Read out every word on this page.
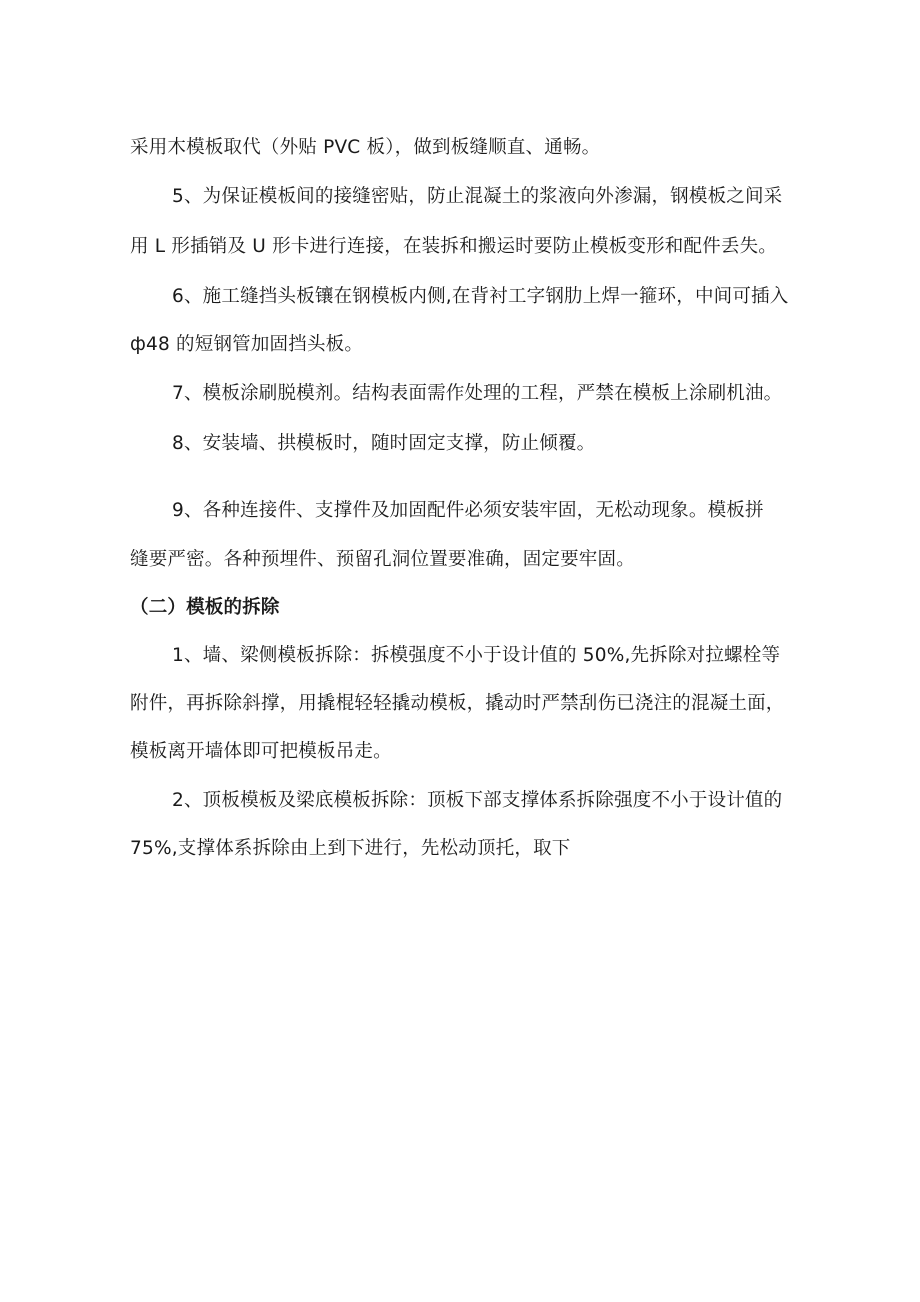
采用木模板取代（外贴 PVC 板），做到板缝顺直、通畅。
5、为保证模板间的接缝密贴，防止混凝土的浆液向外渗漏，钢模板之间采
用 L 形插销及 U 形卡进行连接，在装拆和搬运时要防止模板变形和配件丢失。
6、施工缝挡头板镶在钢模板内侧,在背衬工字钢肋上焊一箍环，中间可插入
ф48 的短钢管加固挡头板。
7、模板涂刷脱模剂。结构表面需作处理的工程，严禁在模板上涂刷机油。
8、安装墙、拱模板时，随时固定支撑，防止倾覆。
9、各种连接件、支撑件及加固配件必须安装牢固，无松动现象。模板拼
缝要严密。各种预埋件、预留孔洞位置要准确，固定要牢固。
（二）模板的拆除
1、墙、梁侧模板拆除：拆模强度不小于设计值的 50%,先拆除对拉螺栓等
附件，再拆除斜撑，用撬棍轻轻撬动模板，撬动时严禁刮伤已浇注的混凝土面，
模板离开墙体即可把模板吊走。
2、顶板模板及梁底模板拆除：顶板下部支撑体系拆除强度不小于设计值的
75%,支撑体系拆除由上到下进行，先松动顶托，取下
